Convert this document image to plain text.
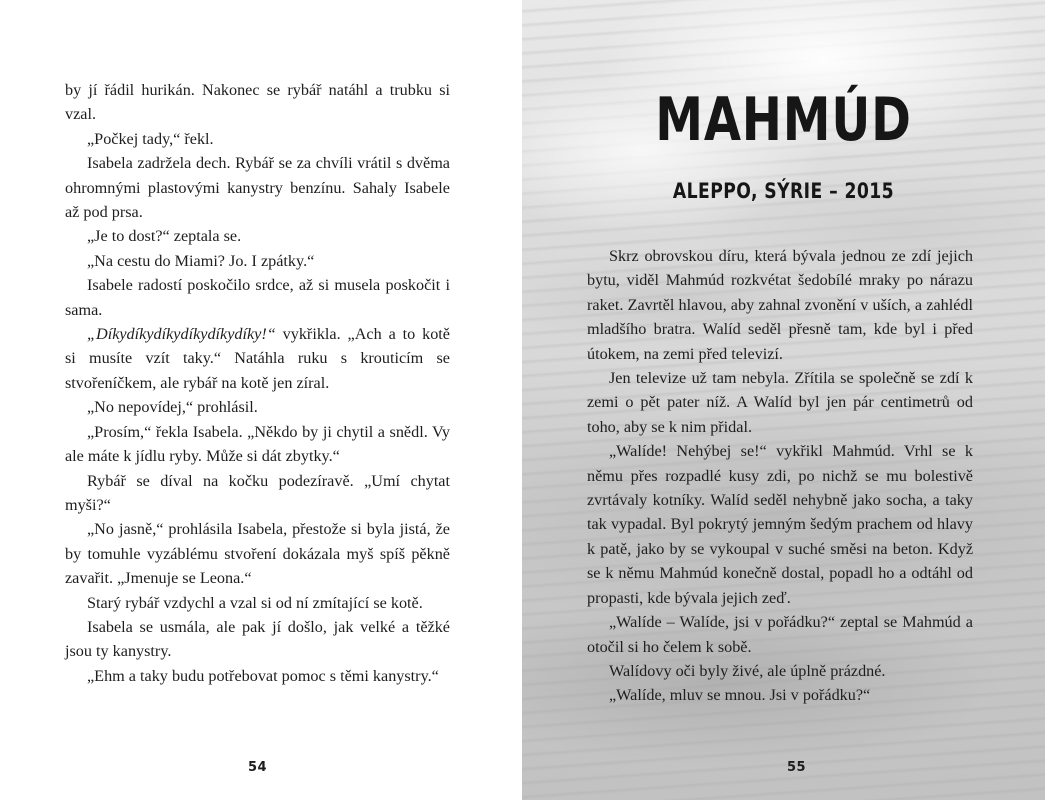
by jí řádil hurikán. Nakonec se rybář natáhl a trubku si vzal.

„Počkej tady,“ řekl.

Isabela zadržela dech. Rybář se za chvíli vrátil s dvěma ohromnými plastovými kanystry benzínu. Sahaly Isabele až pod prsa.

„Je to dost?“ zeptala se.

„Na cestu do Miami? Jo. I zpátky.“

Isabele radostí poskočilo srdce, až si musela poskočit i sama.

„Díkydíkydíkydíkydíkydíky!“ vykřikla. „Ach a to kotě si musíte vzít taky.“ Natáhla ruku s krouticím se stvořeníčkem, ale rybář na kotě jen zíral.

„No nepovídej,“ prohlásil.

„Prosím,“ řekla Isabela. „Někdo by ji chytil a snědl. Vy ale máte k jídlu ryby. Může si dát zbytky.“

Rybář se díval na kočku podezíravě. „Umí chytat myši?“

„No jasně,“ prohlásila Isabela, přestože si byla jistá, že by tomuhle vyzáblému stvoření dokázala myš spíš pěkně zavařit. „Jmenuje se Leona.“

Starý rybář vzdychl a vzal si od ní zmítající se kotě.

Isabela se usmála, ale pak jí došlo, jak velké a těžké jsou ty kanystry.

„Ehm a taky budu potřebovat pomoc s těmi kanystry.“

54
MAHMÚD
ALEPPO, SÝRIE – 2015

Skrz obrovskou díru, která bývala jednou ze zdí jejich bytu, viděl Mahmúd rozkvétat šedobílé mraky po nárazu raket. Zavrtěl hlavou, aby zahnal zvonění v uších, a zahlédl mladšího bratra. Walíd seděl přesně tam, kde byl i před útokem, na zemi před televizí.

Jen televize už tam nebyla. Zřítila se společně se zdí k zemi o pět pater níž. A Walíd byl jen pár centimetrů od toho, aby se k nim přidal.

„Walíde! Nehýbej se!“ vykřikl Mahmúd. Vrhl se k němu přes rozpadlé kusy zdi, po nichž se mu bolestivě zvrtávaly kotníky. Walíd seděl nehybně jako socha, a taky tak vypadal. Byl pokrytý jemným šedým prachem od hlavy k patě, jako by se vykoupal v suché směsi na beton. Když se k němu Mahmúd konečně dostal, popadl ho a odtáhl od propasti, kde bývala jejich zeď.

„Walíde – Walíde, jsi v pořádku?“ zeptal se Mahmúd a otočil si ho čelem k sobě.

Walídovy oči byly živé, ale úplně prázdné.

„Walíde, mluv se mnou. Jsi v pořádku?“

55
